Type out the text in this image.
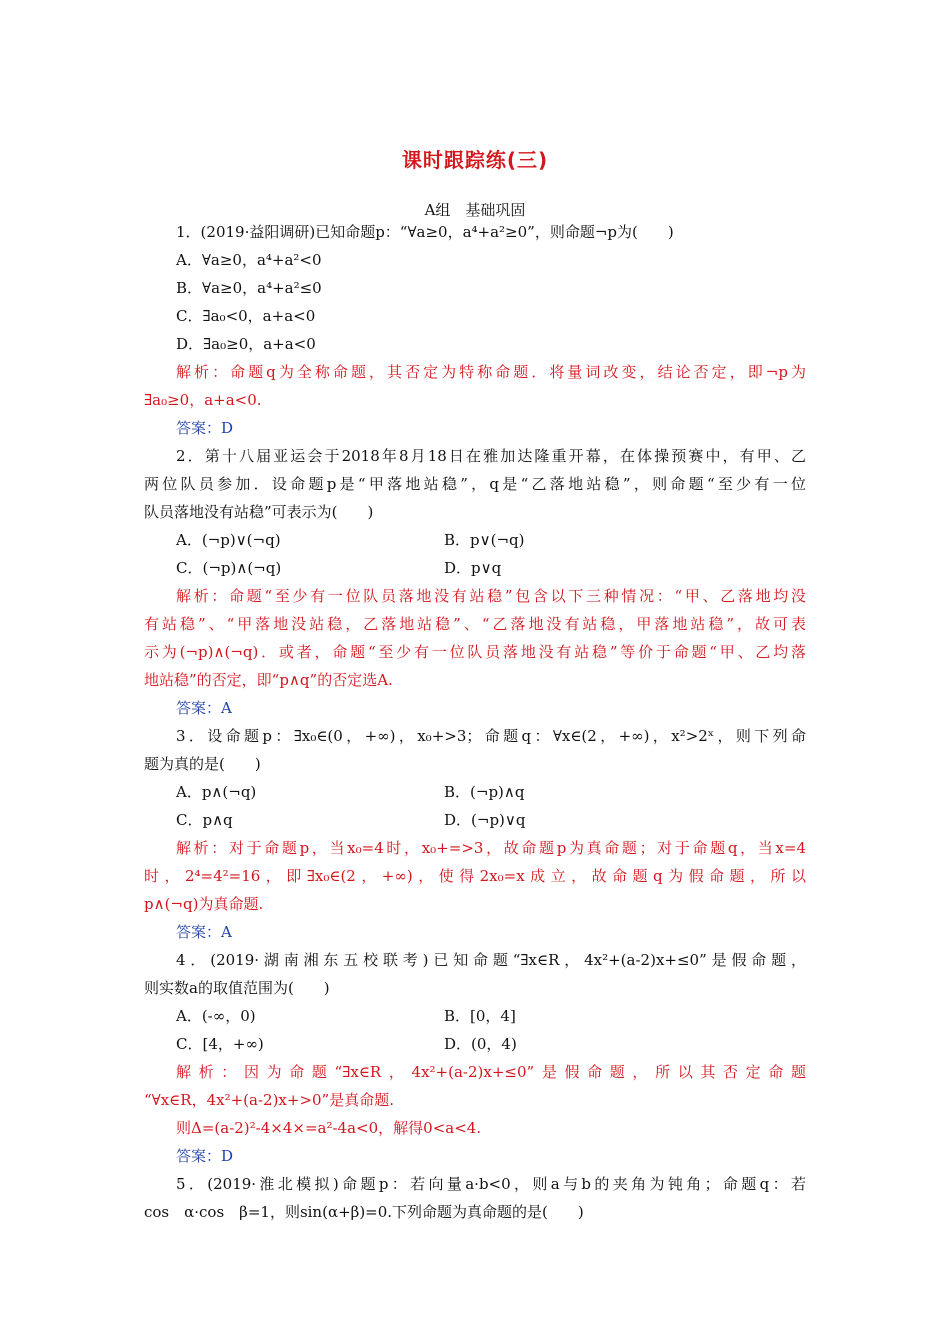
课时跟踪练(三)
A组　基础巩固
1．(2019·益阳调研)已知命题p：“∀a≥0，a⁴+a²≥0”，则命题¬p为(　　)
A．∀a≥0，a⁴+a²<0
B．∀a≥0，a⁴+a²≤0
C．∃a₀<0，a+a<0
D．∃a₀≥0，a+a<0
解析：命题q为全称命题，其否定为特称命题．将量词改变，结论否定，即¬p为
∃a₀≥0，a+a<0.
答案：D
2．第十八届亚运会于2018年8月18日在雅加达隆重开幕，在体操预赛中，有甲、乙
两位队员参加．设命题p是“甲落地站稳”，q是“乙落地站稳”，则命题“至少有一位
队员落地没有站稳”可表示为(　　)
A．(¬p)∨(¬q)	B．p∨(¬q)
C．(¬p)∧(¬q)	D．p∨q
解析：命题“至少有一位队员落地没有站稳”包含以下三种情况：“甲、乙落地均没
有站稳”、“甲落地没站稳，乙落地站稳”、“乙落地没有站稳，甲落地站稳”，故可表
示为(¬p)∧(¬q)．或者，命题“至少有一位队员落地没有站稳”等价于命题“甲、乙均落
地站稳”的否定，即“p∧q”的否定选A.
答案：A
3．设命题p：∃x₀∈(0，+∞)，x₀+>3；命题q：∀x∈(2，+∞)，x²>2ˣ，则下列命
题为真的是(　　)
A．p∧(¬q)	B．(¬p)∧q
C．p∧q	D．(¬p)∨q
解析：对于命题p，当x₀=4时，x₀+=>3，故命题p为真命题；对于命题q，当x=4
时，2⁴=4²=16，即∃x₀∈(2，+∞)，使得2x₀=x成立，故命题q为假命题，所以
p∧(¬q)为真命题.
答案：A
4．(2019·湖南湘东五校联考)已知命题“∃x∈R，4x²+(a-2)x+≤0”是假命题，
则实数a的取值范围为(　　)
A．(-∞，0)	B．[0，4]
C．[4，+∞)	D．(0，4)
解析：因为命题“∃x∈R，4x²+(a-2)x+≤0”是假命题，所以其否定命题
“∀x∈R，4x²+(a-2)x+>0”是真命题.
则Δ=(a-2)²-4×4×=a²-4a<0，解得0<a<4.
答案：D
5．(2019·淮北模拟)命题p：若向量a·b<0，则a与b的夹角为钝角；命题q：若
cos　α·cos　β=1，则sin(α+β)=0.下列命题为真命题的是(　　)
